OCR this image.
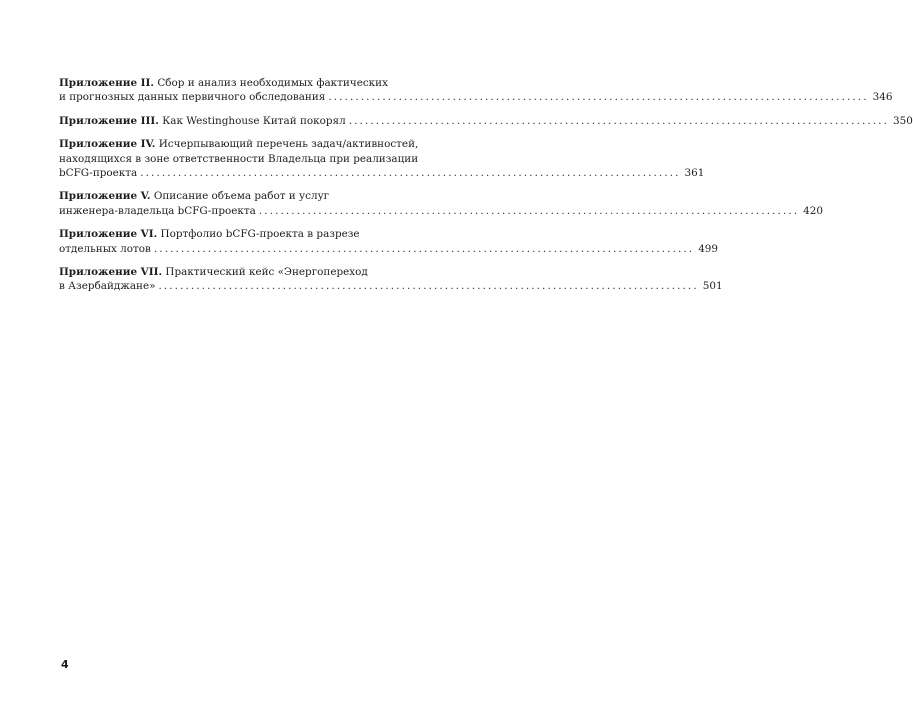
Приложение II. Сбор и анализ необходимых фактических
и прогнозных данных первичного обследования .................................................................................................... 346
Приложение III. Как Westinghouse Китай покорял .................................................................................................... 350
Приложение IV. Исчерпывающий перечень задач/активностей,
находящихся в зоне ответственности Владельца при реализации
bCFG-проекта .................................................................................................... 361
Приложение V. Описание объема работ и услуг
инженера-владельца bCFG-проекта .................................................................................................... 420
Приложение VI. Портфолио bCFG-проекта в разрезе
отдельных лотов .................................................................................................... 499
Приложение VII. Практический кейс «Энергопереход
в Азербайджане» .................................................................................................... 501
4
